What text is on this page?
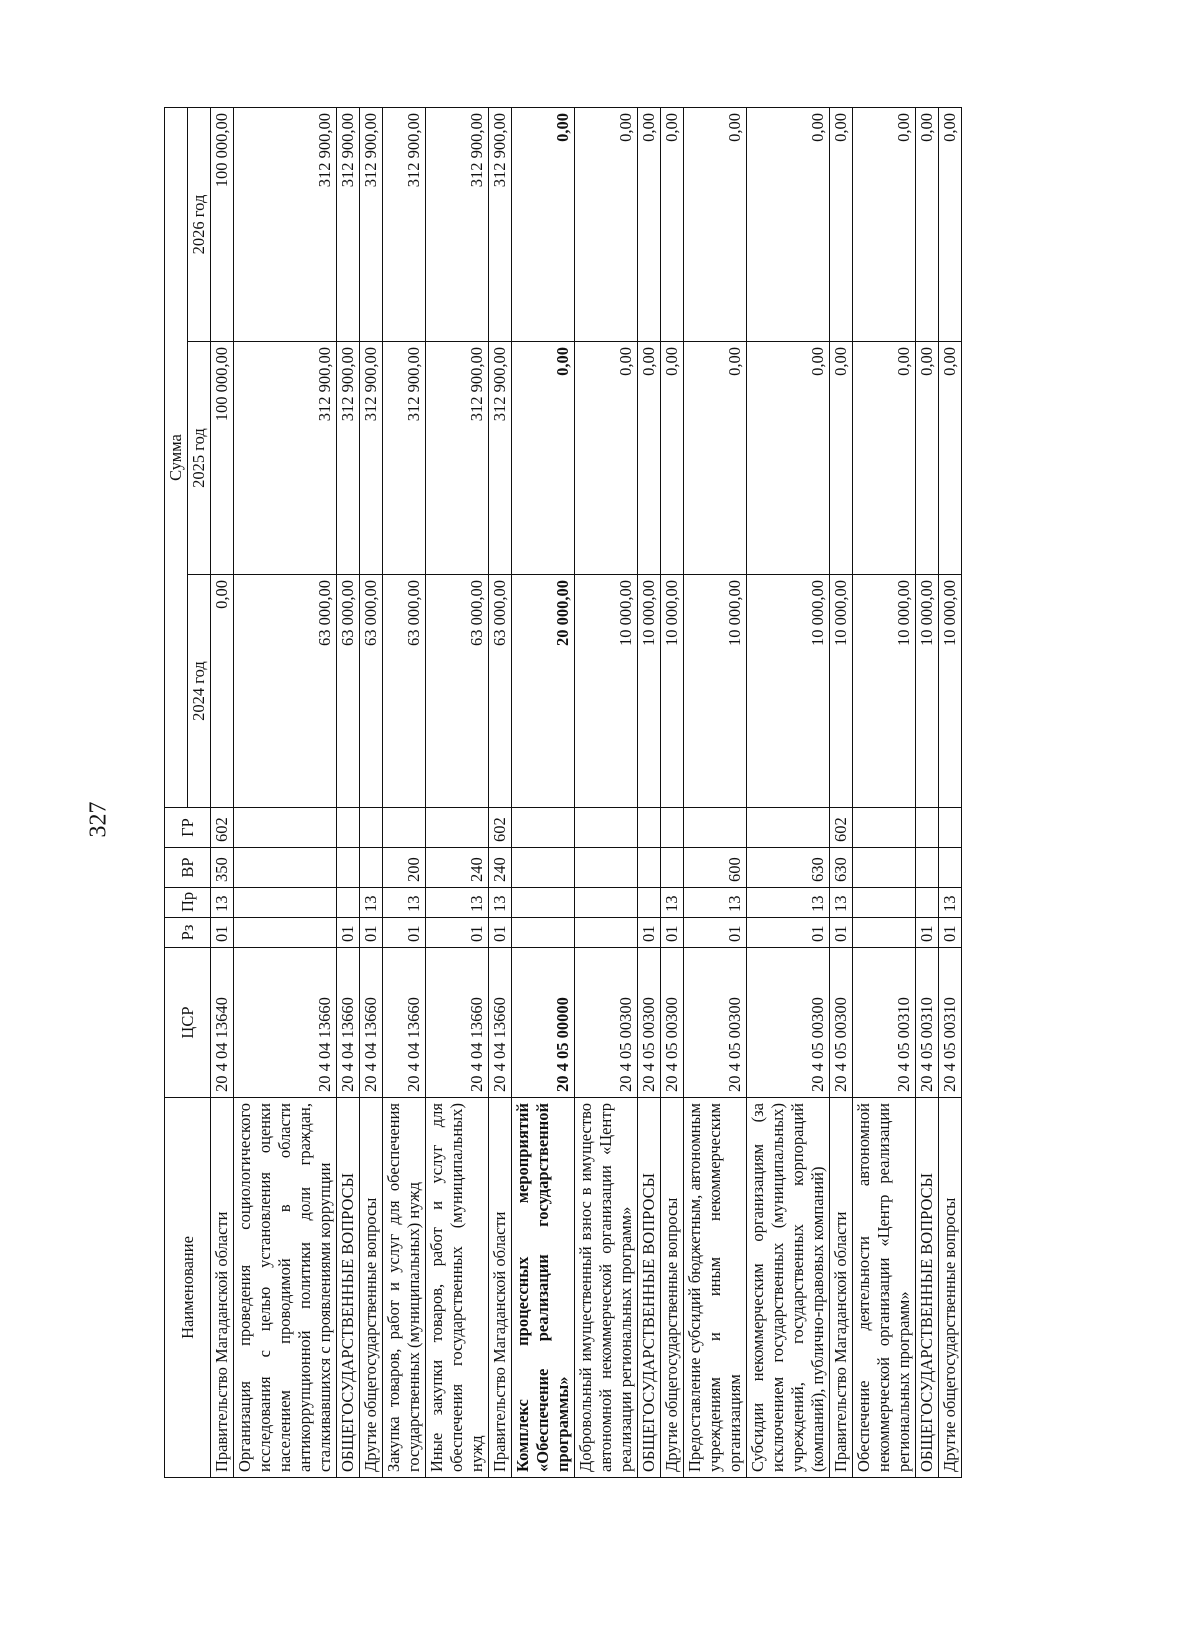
327
Наименование	ЦСР	Рз	Пр	ВР	ГР	Сумма		
						2024 год	2025 год	2026 год
Правительство Магаданской области	20 4 04 13640	01	13	350	602	0,00	100 000,00	100 000,00
Организация проведения социологического исследования с целью установления оценки населением проводимой в области антикоррупционной политики доли граждан, сталкивавшихся с проявлениями коррупции	20 4 04 13660					63 000,00	312 900,00	312 900,00
ОБЩЕГОСУДАРСТВЕННЫЕ ВОПРОСЫ	20 4 04 13660	01				63 000,00	312 900,00	312 900,00
Другие общегосударственные вопросы	20 4 04 13660	01	13			63 000,00	312 900,00	312 900,00
Закупка товаров, работ и услуг для обеспечения государственных (муниципальных) нужд	20 4 04 13660	01	13	200		63 000,00	312 900,00	312 900,00
Иные закупки товаров, работ и услуг для обеспечения государственных (муниципальных) нужд	20 4 04 13660	01	13	240		63 000,00	312 900,00	312 900,00
Правительство Магаданской области	20 4 04 13660	01	13	240	602	63 000,00	312 900,00	312 900,00
Комплекс процессных мероприятий «Обеспечение реализации государственной программы»	20 4 05 00000					20 000,00	0,00	0,00
Добровольный имущественный взнос в имущество автономной некоммерческой организации «Центр реализации региональных программ»	20 4 05 00300					10 000,00	0,00	0,00
ОБЩЕГОСУДАРСТВЕННЫЕ ВОПРОСЫ	20 4 05 00300	01				10 000,00	0,00	0,00
Другие общегосударственные вопросы	20 4 05 00300	01	13			10 000,00	0,00	0,00
Предоставление субсидий бюджетным, автономным учреждениям и иным некоммерческим организациям	20 4 05 00300	01	13	600		10 000,00	0,00	0,00
Субсидии некоммерческим организациям (за исключением государственных (муниципальных) учреждений, государственных корпораций (компаний), публично-правовых компаний)	20 4 05 00300	01	13	630		10 000,00	0,00	0,00
Правительство Магаданской области	20 4 05 00300	01	13	630	602	10 000,00	0,00	0,00
Обеспечение деятельности автономной некоммерческой организации «Центр реализации региональных программ»	20 4 05 00310					10 000,00	0,00	0,00
ОБЩЕГОСУДАРСТВЕННЫЕ ВОПРОСЫ	20 4 05 00310	01				10 000,00	0,00	0,00
Другие общегосударственные вопросы	20 4 05 00310	01	13			10 000,00	0,00	0,00
